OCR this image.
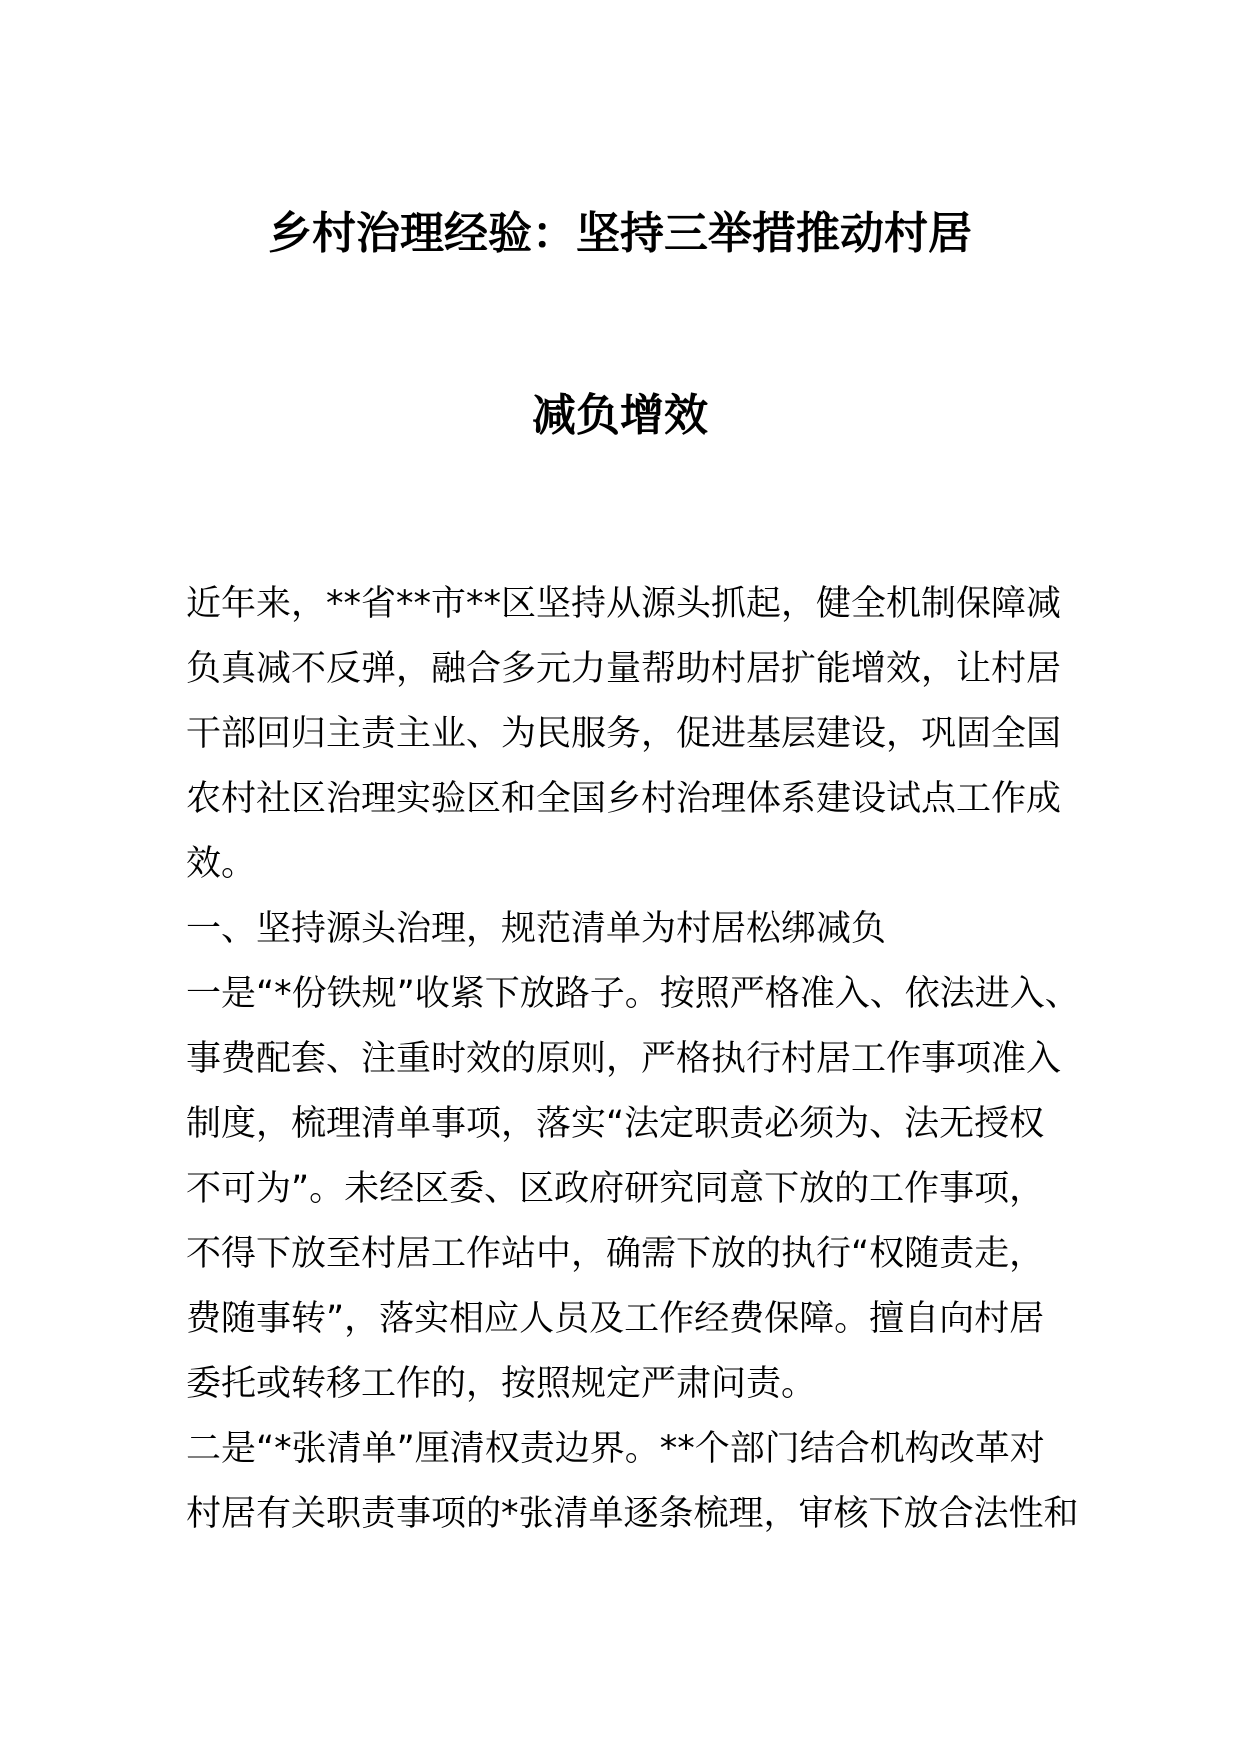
乡村治理经验：坚持三举措推动村居
减负增效

近年来，**省**市**区坚持从源头抓起，健全机制保障减

负真减不反弹，融合多元力量帮助村居扩能增效，让村居

干部回归主责主业、为民服务，促进基层建设，巩固全国

农村社区治理实验区和全国乡村治理体系建设试点工作成

效。

一、坚持源头治理，规范清单为村居松绑减负

一是“*份铁规”收紧下放路子。按照严格准入、依法进入、

事费配套、注重时效的原则，严格执行村居工作事项准入

制度，梳理清单事项，落实“法定职责必须为、法无授权

不可为”。未经区委、区政府研究同意下放的工作事项，

不得下放至村居工作站中，确需下放的执行“权随责走，

费随事转”，落实相应人员及工作经费保障。擅自向村居

委托或转移工作的，按照规定严肃问责。

二是“*张清单”厘清权责边界。**个部门结合机构改革对

村居有关职责事项的*张清单逐条梳理，审核下放合法性和
